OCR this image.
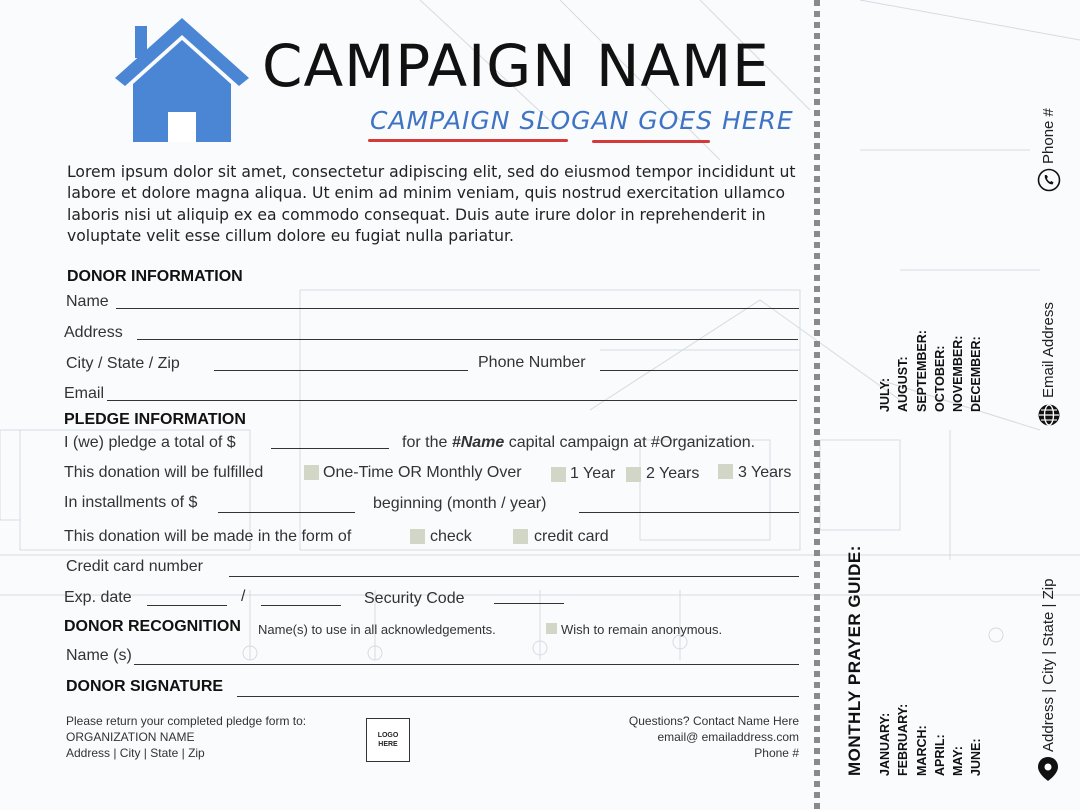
CAMPAIGN NAME
CAMPAIGN SLOGAN GOES HERE
Lorem ipsum dolor sit amet, consectetur adipiscing elit, sed do eiusmod tempor incididunt ut labore et dolore magna aliqua. Ut enim ad minim veniam, quis nostrud exercitation ullamco laboris nisi ut aliquip ex ea commodo consequat. Duis aute irure dolor in reprehenderit in voluptate velit esse cillum dolore eu fugiat nulla pariatur.
DONOR INFORMATION
Name
Address
City / State / Zip	Phone Number
Email
PLEDGE INFORMATION
I (we) pledge a total of $	for the #Name capital campaign at #Organization.
This donation will be fulfilled	One-Time OR Monthly Over	1 Year 2 Years 3 Years
In installments of $	beginning (month / year)
This donation will be made in the form of	check	credit card
Credit card number
Exp. date	/	Security Code
DONOR RECOGNITION Name(s) to use in all acknowledgements.	Wish to remain anonymous.
Name (s)
DONOR SIGNATURE
Please return your completed pledge form to:
ORGANIZATION NAME
Address | City | State | Zip
LOGO
HERE
Questions? Contact Name Here
email@ emailaddress.com
Phone #	MONTHLY PRAYER GUIDE: JANUARY: FEBRUARY: MARCH: APRIL: MAY: JUNE:
JULY: AUGUST: SEPTEMBER: OCTOBER: NOVEMBER: DECEMBER:
Phone #
Email Address
Address | City | State | Zip
